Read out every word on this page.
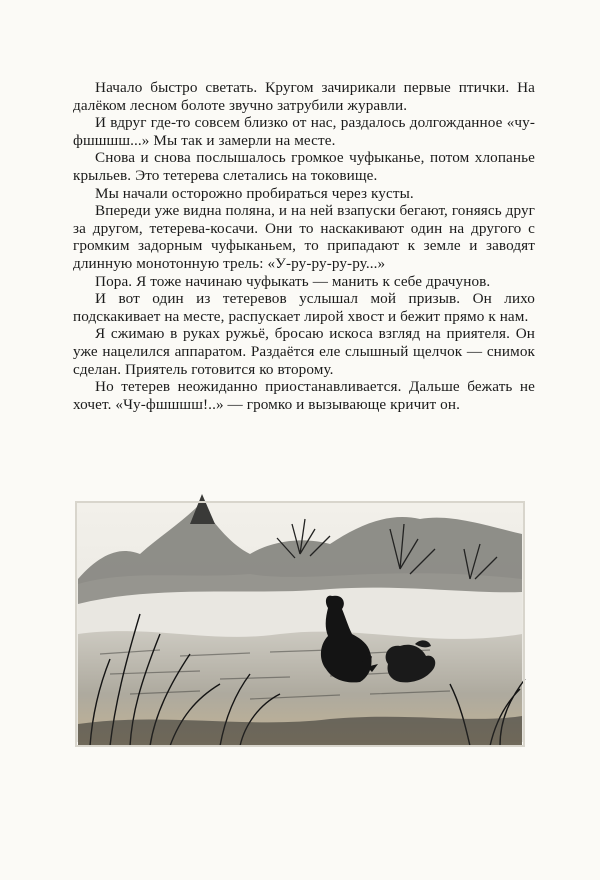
Начало быстро светать. Кругом зачирикали первые птички. На далёком лесном болоте звучно затрубили журавли.

И вдруг где-то совсем близко от нас, раздалось долгожданное «чу-фшшшш...» Мы так и замерли на месте.

Снова и снова послышалось громкое чуфыканье, потом хлопанье крыльев. Это тетерева слетались на токовище.

Мы начали осторожно пробираться через кусты.

Впереди уже видна поляна, и на ней взапуски бегают, гоняясь друг за другом, тетерева-косачи. Они то наскакивают один на другого с громким задорным чуфыканьем, то припадают к земле и заводят длинную монотонную трель: «У-ру-ру-ру-ру...»

Пора. Я тоже начинаю чуфыкать — манить к себе драчунов.

И вот один из тетеревов услышал мой призыв. Он лихо подскакивает на месте, распускает лирой хвост и бежит прямо к нам.

Я сжимаю в руках ружьё, бросаю искоса взгляд на приятеля. Он уже нацелился аппаратом. Раздаётся еле слышный щелчок — снимок сделан. Приятель готовится ко второму.

Но тетерев неожиданно приостанавливается. Дальше бежать не хочет. «Чу-фшшшш!..» — громко и вызывающе кричит он.
